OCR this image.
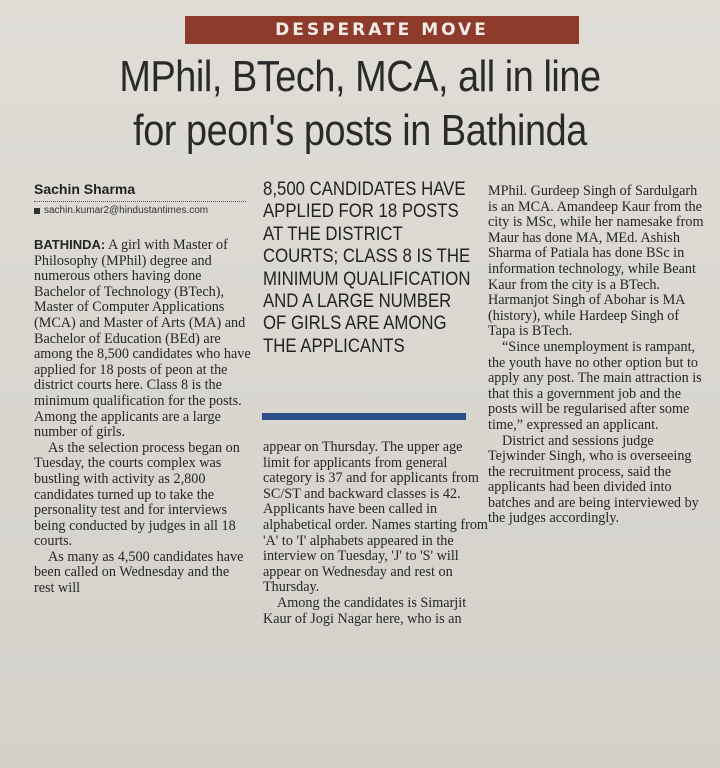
DESPERATE MOVE
MPhil, BTech, MCA, all in line
for peon's posts in Bathinda
Sachin Sharma
sachin.kumar2@hindustantimes.com

BATHINDA: A girl with Master of Philosophy (MPhil) degree and numerous others having done Bachelor of Technology (BTech), Master of Computer Applications (MCA) and Master of Arts (MA) and Bachelor of Education (BEd) are among the 8,500 candidates who have applied for 18 posts of peon at the district courts here. Class 8 is the minimum qualification for the posts. Among the applicants are a large number of girls.

As the selection process began on Tuesday, the courts complex was bustling with activity as 2,800 candidates turned up to take the personality test and for interviews being conducted by judges in all 18 courts.

As many as 4,500 candidates have been called on Wednesday and the rest will

8,500 CANDIDATES HAVE APPLIED FOR 18 POSTS AT THE DISTRICT COURTS; CLASS 8 IS THE MINIMUM QUALIFICATION AND A LARGE NUMBER OF GIRLS ARE AMONG THE APPLICANTS

appear on Thursday. The upper age limit for applicants from general category is 37 and for applicants from SC/ST and backward classes is 42. Applicants have been called in alphabetical order. Names starting from 'A' to 'I' alphabets appeared in the interview on Tuesday, 'J' to 'S' will appear on Wednesday and rest on Thursday.

Among the candidates is Simarjit Kaur of Jogi Nagar here, who is an

MPhil. Gurdeep Singh of Sardulgarh is an MCA. Amandeep Kaur from the city is MSc, while her namesake from Maur has done MA, MEd. Ashish Sharma of Patiala has done BSc in information technology, while Beant Kaur from the city is a BTech. Harmanjot Singh of Abohar is MA (history), while Hardeep Singh of Tapa is BTech.

“Since unemployment is rampant, the youth have no other option but to apply any post. The main attraction is that this a government job and the posts will be regularised after some time,” expressed an applicant.

District and sessions judge Tejwinder Singh, who is overseeing the recruitment process, said the applicants had been divided into batches and are being interviewed by the judges accordingly.
